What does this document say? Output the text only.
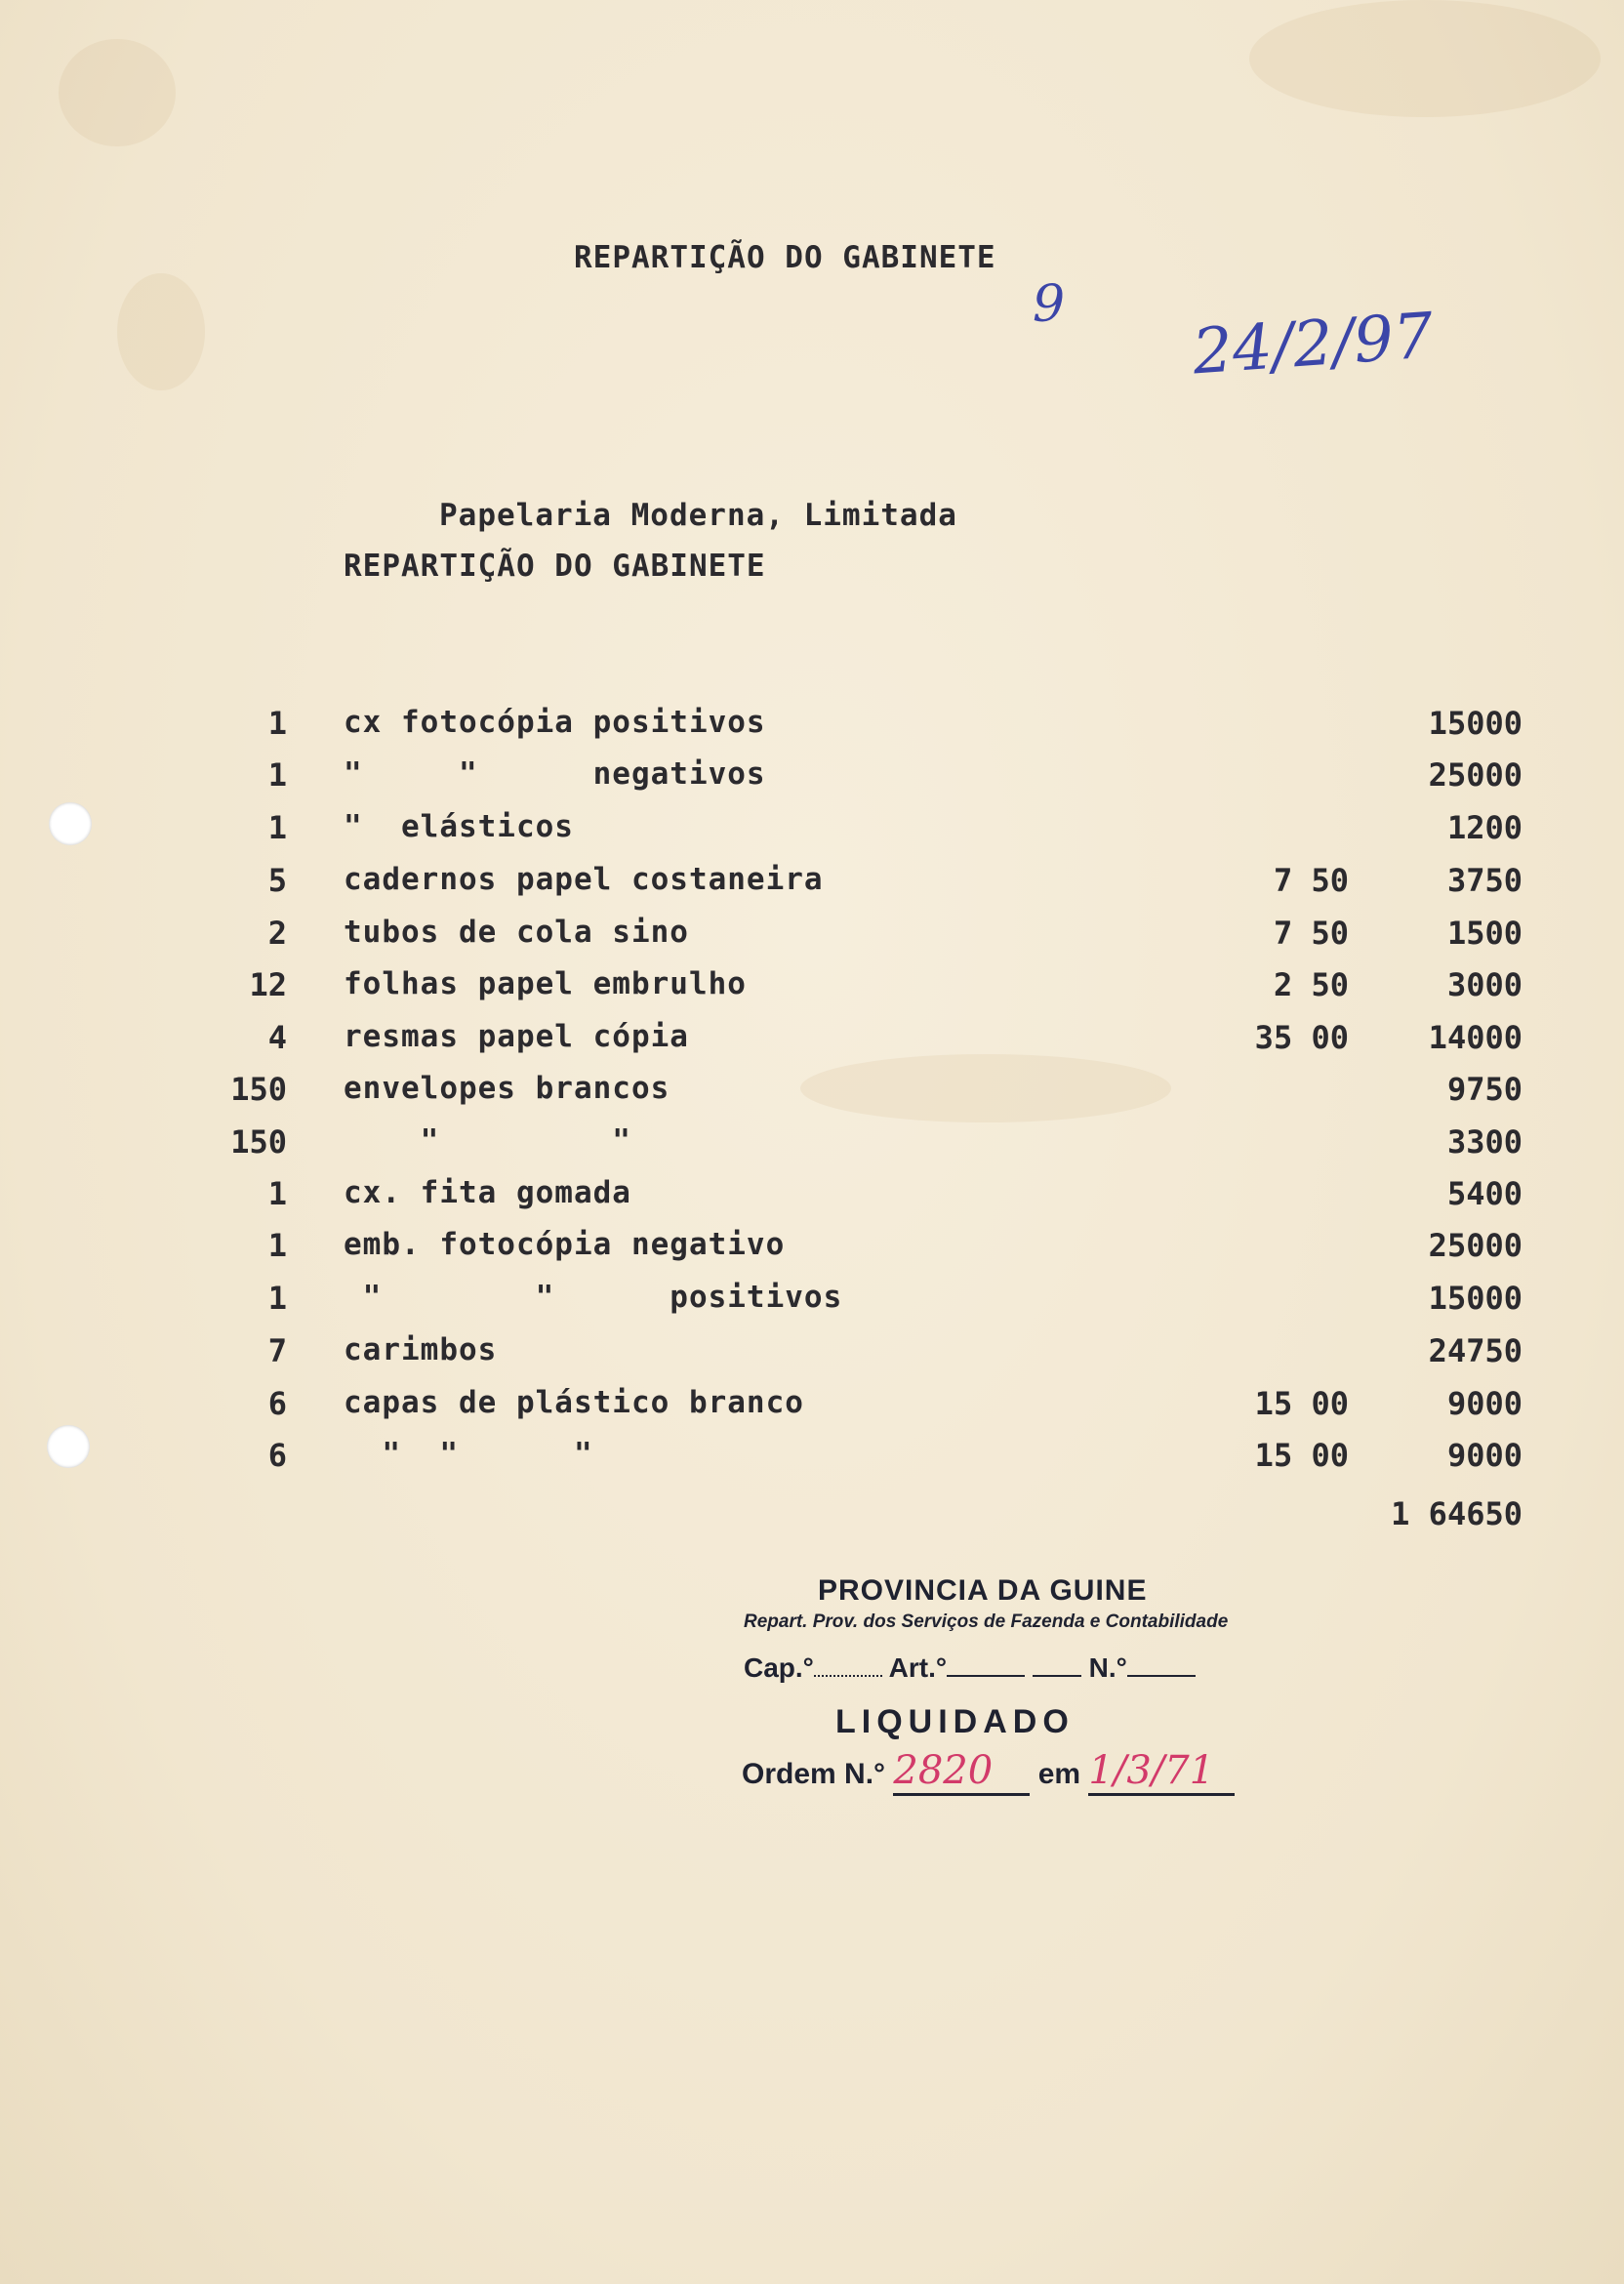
REPARTIÇÃO DO GABINETE
9 24/2/97
Papelaria Moderna, Limitada
REPARTIÇÃO DO GABINETE
1 cx fotocópia positivos	15000
1 "     "      negativos	25000
1 "  elásticos	1200
5 cadernos papel costaneira	7 50	3750
2 tubos de cola sino	7 50	1500
12 folhas papel embrulho	2 50	3000
4 resmas papel cópia	35 00	14000
150 envelopes brancos	9750
150 "         "	3300
1 cx. fita gomada	5400
1 emb. fotocópia negativo	25000
1 "        "      positivos	15000
7 carimbos	24750
6 capas de plástico branco	15 00	9000
6 "  "      "	15 00	9000
1 64650
PROVINCIA DA GUINE
Repart. Prov. dos Serviços de Fazenda e Contabilidade
Cap.°	Art.°	N.°
LIQUIDADO
Ordem N.° 2820 em 1/3/71
